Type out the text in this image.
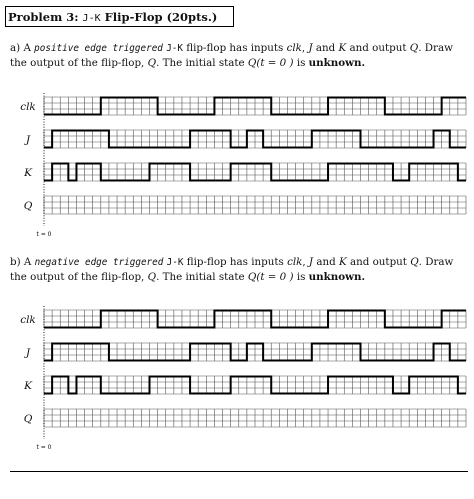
Problem 3: J-K Flip-Flop (20pts.)
a) A positive edge triggered J-K flip-flop has inputs clk, J and K and output Q. Draw the output of the flip-flop, Q. The initial state Q(t = 0 ) is unknown.
b) A negative edge triggered J-K flip-flop has inputs clk, J and K and output Q. Draw the output of the flip-flop, Q. The initial state Q(t = 0 ) is unknown.
clk
J
K
Q
t = 0
clk
J
K
Q
t = 0
